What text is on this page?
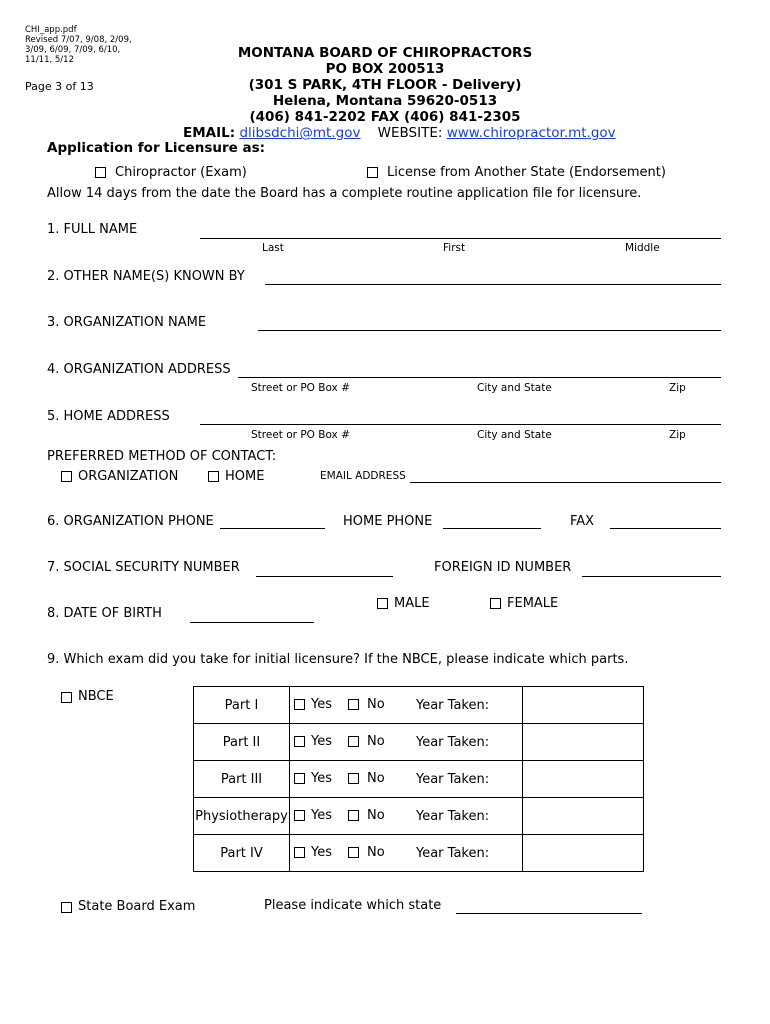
CHI_app.pdf
Revised 7/07, 9/08, 2/09,
3/09, 6/09, 7/09, 6/10,
11/11, 5/12
Page 3 of 13
MONTANA BOARD OF CHIROPRACTORS
PO BOX 200513
(301 S PARK, 4TH FLOOR - Delivery)
Helena, Montana 59620-0513
(406) 841-2202 FAX (406) 841-2305
EMAIL: dlibsdchi@mt.gov WEBSITE: www.chiropractor.mt.gov
Application for Licensure as:
Chiropractor (Exam)	License from Another State (Endorsement)
Allow 14 days from the date the Board has a complete routine application file for licensure.
1. FULL NAME
Last	First	Middle
2. OTHER NAME(S) KNOWN BY
3. ORGANIZATION NAME
4. ORGANIZATION ADDRESS
Street or PO Box #	City and State	Zip
5. HOME ADDRESS
Street or PO Box #	City and State	Zip
PREFERRED METHOD OF CONTACT:
ORGANIZATION	HOME	EMAIL ADDRESS
6. ORGANIZATION PHONE	HOME PHONE	FAX
7. SOCIAL SECURITY NUMBER	FOREIGN ID NUMBER
MALE	FEMALE
8. DATE OF BIRTH
9. Which exam did you take for initial licensure? If the NBCE, please indicate which parts.
NBCE
Part I	Yes No	Year Taken:	
Part II	Yes No	Year Taken:	
Part III	Yes No	Year Taken:	
Physiotherapy	Yes No	Year Taken:	
Part IV	Yes No	Year Taken:	
State Board Exam	Please indicate which state
